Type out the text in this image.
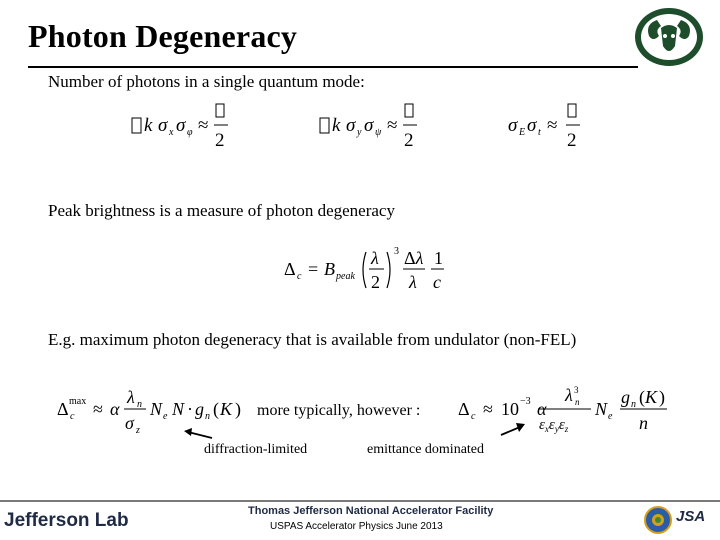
Photon Degeneracy
Number of photons in a single quantum mode:
k σ x σ φ ≈
2
k σ y σ ψ ≈
2
σ E σ t ≈
2
Peak brightness is a measure of photon degeneracy
Δ c = B peak
λ
2
3 Δλ
λ
1
c
E.g. maximum photon degeneracy that is available from undulator (non-FEL)
Δ c
max ≈ α
λ n
σ z
N e N · g n ( K ) more typically, however : Δ c ≈ 10 −3 α
λ 3
n
$\varepsilon_x\varepsilon_y\varepsilon_z$
N e
g n ( K )
n
diffraction-limited	emittance dominated
Jefferson Lab	Thomas Jefferson National Accelerator Facility
USPAS Accelerator Physics June 2013
JSA
